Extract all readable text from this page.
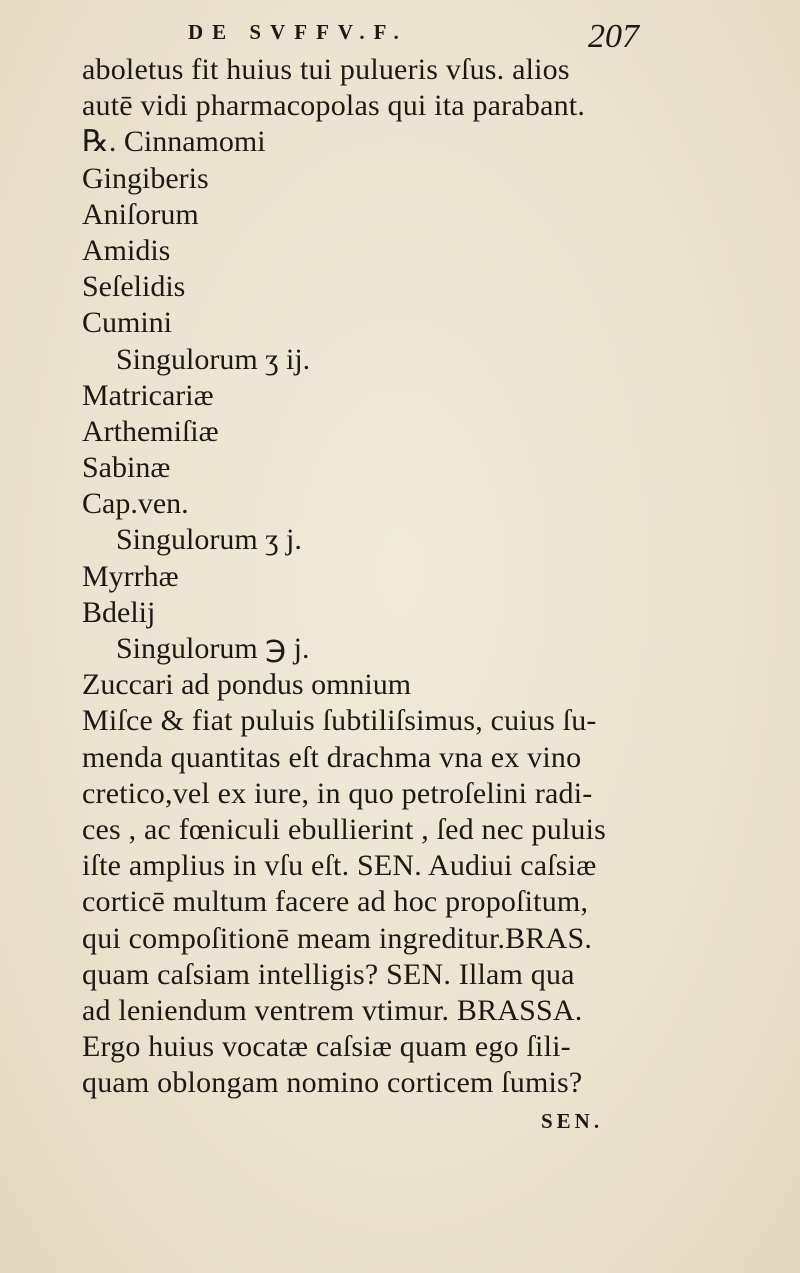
DE SVFFV.F.	207
aboletus fit huius tui pulueris vſus. alios
autē vidi pharmacopolas qui ita parabant.
℞. Cinnamomi
Gingiberis
Aniſorum
Amidis
Seſelidis
Cumini
Singulorum ʒ ij.
Matricariæ
Arthemiſiæ
Sabinæ
Cap.ven.
Singulorum ʒ j.
Myrrhæ
Bdelij
Singulorum ℈ j.
Zuccari ad pondus omnium
Miſce & fiat puluis ſubtiliſsimus, cuius ſu-
menda quantitas eſt drachma vna ex vino
cretico,vel ex iure, in quo petroſelini radi-
ces , ac fœniculi ebullierint , ſed nec puluis
iſte amplius in vſu eſt. SEN. Audiui caſsiæ
corticē multum facere ad hoc propoſitum,
qui compoſitionē meam ingreditur.BRAS.
quam caſsiam intelligis? SEN. Illam qua
ad leniendum ventrem vtimur. BRASSA.
Ergo huius vocatæ caſsiæ quam ego ſili-
quam oblongam nomino corticem ſumis?
SEN.
